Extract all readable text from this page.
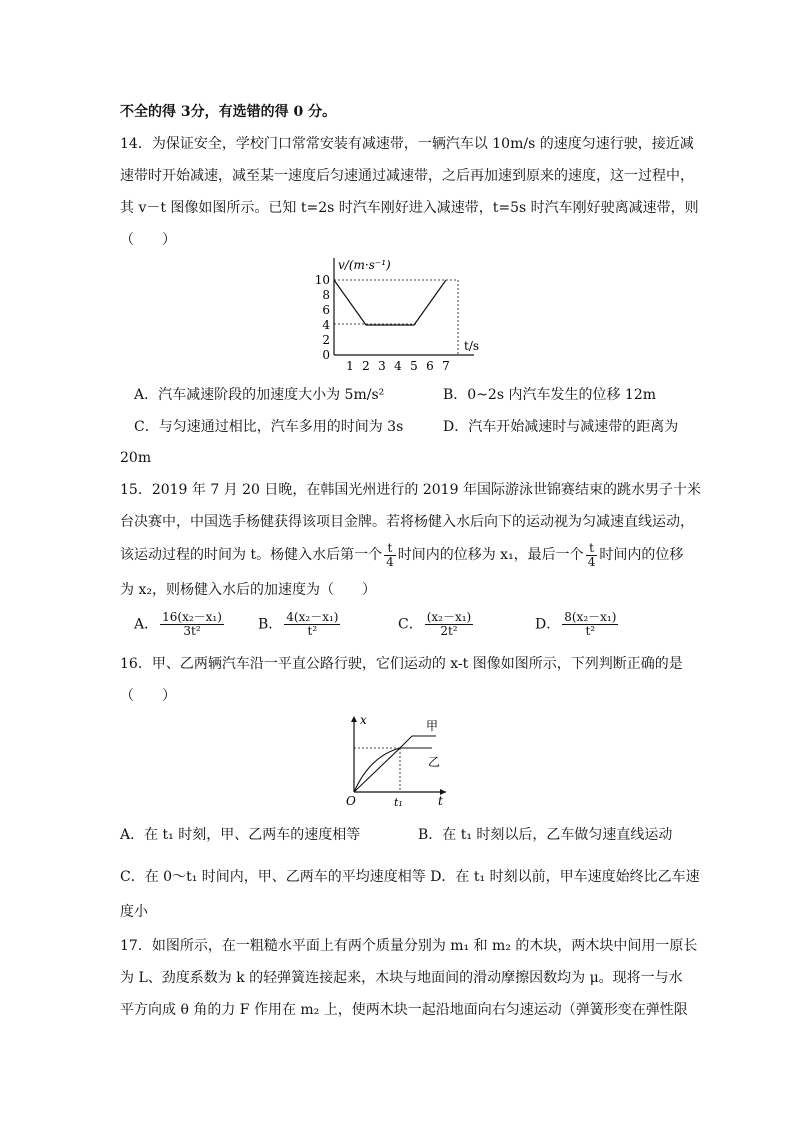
不全的得 3分，有选错的得 0 分。
14．为保证安全，学校门口常常安装有减速带，一辆汽车以 10m/s 的速度匀速行驶，接近减
速带时开始减速，减至某一速度后匀速通过减速带，之后再加速到原来的速度，这一过程中，
其 v－t 图像如图所示。已知 t=2s 时汽车刚好进入减速带，t=5s 时汽车刚好驶离减速带，则
（　　）
v/(m·s⁻¹)
t/s
10
8
6
4
2
0
1 2 3 4 5 6 7
A．汽车减速阶段的加速度大小为 5m/s²	B．0~2s 内汽车发生的位移 12m
C．与匀速通过相比，汽车多用的时间为 3s	D．汽车开始减速时与减速带的距离为
20m
15．2019 年 7 月 20 日晚，在韩国光州进行的 2019 年国际游泳世锦赛结束的跳水男子十米
台决赛中，中国选手杨健获得该项目金牌。若将杨健入水后向下的运动视为匀减速直线运动，
该运动过程的时间为 t。杨健入水后第一个 $\frac{t}{4}$ 时间内的位移为 x₁，最后一个 $\frac{t}{4}$ 时间内的位移
为 x₂，则杨健入水后的加速度为（　　）
A． $\frac{\text{16(x₂－x₁)}}{\text{3t²}}$ B． $\frac{\text{4(x₂－x₁)}}{\text{t²}}$	C． $\frac{\text{(x₂－x₁)}}{\text{2t²}}$	D． $\frac{\text{8(x₂－x₁)}}{\text{t²}}$
16．甲、乙两辆汽车沿一平直公路行驶，它们运动的 x-t 图像如图所示，下列判断正确的是
（　　）
x
t
O	t₁
甲
乙
A．在 t₁ 时刻，甲、乙两车的速度相等	B．在 t₁ 时刻以后，乙车做匀速直线运动
C．在 0～t₁ 时间内，甲、乙两车的平均速度相等 D．在 t₁ 时刻以前，甲车速度始终比乙车速
度小
17．如图所示，在一粗糙水平面上有两个质量分别为 m₁ 和 m₂ 的木块，两木块中间用一原长
为 L、劲度系数为 k 的轻弹簧连接起来，木块与地面间的滑动摩擦因数均为 μ。现将一与水
平方向成 θ 角的力 F 作用在 m₂ 上，使两木块一起沿地面向右匀速运动（弹簧形变在弹性限
